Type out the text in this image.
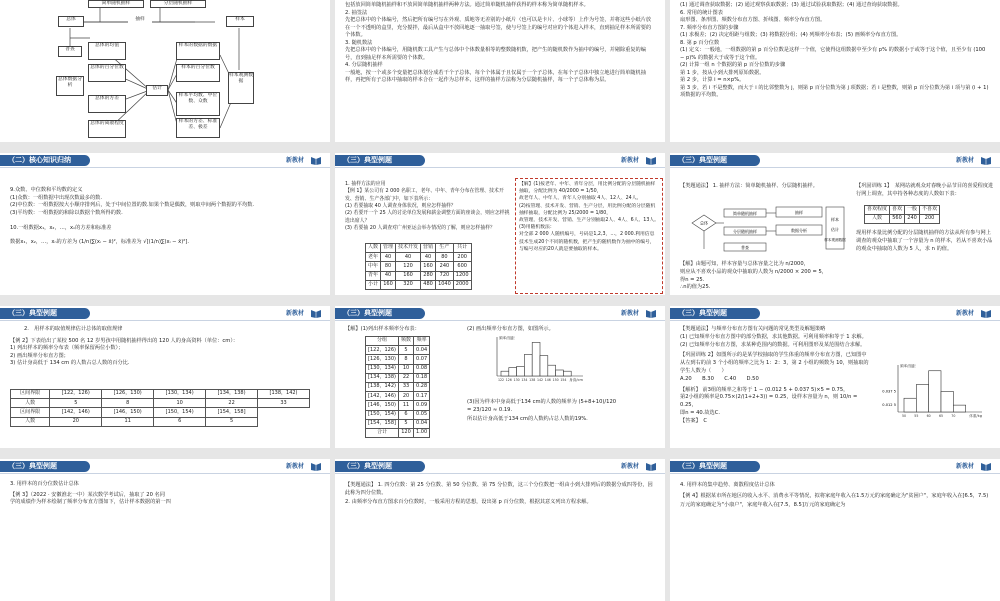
简单随机抽样	分层随机抽样
总体	抽样	样本
普查
总体数据分析
总体的均值
总体的百分位数
总体的方差
总体的离散程度
估计
样本的数据的数据
样本的百分位数
样本平均数、中位数、众数
样本的方差、标准差、极差
样本观测数据

包括放回简单随机抽样和不放回简单随机抽样两种方法。通过简单随机抽样获得的样本称为简单随机样本。

2. 抽签法

先把总体中的个体编号，然后把所有编号写在外观、质地等无差别的小纸片（也可以是卡片、小球等）上作为号签，并将这些小纸片放在一个不透明的盒里，充分搅拌，最后从盒中不放回地逐一抽取号签，使与号签上的编号对应的个体进入样本，直到抽足样本所需要的个体数。

3. 随机数法

先把总体中的个体编号，用随机数工具产生与总体中个体数量相等的整数随机数，把产生的随机数作为抽中的编号，并剔除重复的编号，直到抽足样本所需要的个体数。

4. 分层随机抽样

一般地，按一个或多个变量把总体划分成若干个子总体，每个个体属于且仅属于一个子总体，在每个子总体中独立地进行简单随机抽样，再把所有子总体中抽取的样本合在一起作为总样本，这样的抽样方法称为分层随机抽样，每一个子总体称为层。

(1) 通过调查获取数据；(2) 通过观察获取数据；(3) 通过试验获取数据；(4) 通过查询获取数据。

6. 常用的统计图表

扇形图、条形图、频数分布直方图、折线图、频率分布直方图。

7. 频率分布直方图的步骤

(1) 求极差；(2) 决定组距与组数；(3) 将数据分组；(4) 列频率分布表；(5) 画频率分布直方图。

8. 第 p 百分位数

(1) 定义：一般地，一组数据的第 p 百分位数是这样一个值，它使得这组数据中至少有 p% 的数据小于或等于这个值，且至少有 (100 − p)% 的数据大于或等于这个值。

(2) 计算一组 n 个数据的第 p 百分位数的步骤

第 1 步，按从小到大排列原始数据。

第 2 步，计算 i = n×p%。

第 3 步，若 i 不是整数，而大于 i 的比邻整数为 j，则第 p 百分位数为第 j 项数据；若 i 是整数，则第 p 百分位数为第 i 项与第 (i + 1) 项数据的平均数。

（二）核心知识归纳	新教材

9.众数、中位数和平均数的定义

(1)众数：一组数据中出现次数最多的数.

(2)中位数：一组数据按大小顺序排列后，处于中间位置的数.如果个数是偶数，则取中间两个数据的平均数.

(3)平均数：一组数据的和除以数据个数所得的数.

10.一组数据x₁，x₂，…，xₙ的方差和标准差

数据x₁，x₂，…，xₙ的方差为 (1/n)∑(xᵢ − x̄)²，标准差为 √[(1/n)∑(xᵢ − x̄)²].

（三）典型例题	新教材

1. 抽样方法的应用

【例 1】某公司有 2 000 名职工，老年、中年、青年分布在管理、技术开发、营销、生产各部门中，如下表所示：

(1) 若要抽取 40 人调查身体状况，则应怎样抽样？

(2) 若要开一个 25 人的讨论单位发展和薪金调整方面的座谈会，则应怎样挑选出席人？

(3) 若要抽 20 人调查对广州亚运会举办情况的了解，则应怎样抽样？

人数	管理	技术开发	营销	生产	共计
老年	40	40	40	80	200
中年	80	120	160	240	600
青年	40	160	280	720	1200
小计	160	320	480	1040	2000

【解】(1)按老年、中年、青年分层，用比例分配的分层随机抽样抽取，分配比例为 40/2000 = 1/50，

故老年人、中年人、青年人分别抽取 4人、12人、24人。

(2)按管理、技术开发、营销、生产分层，用比例分配的分层随机抽样抽取，分配比例为 25/2000 = 1/80，

故管理、技术开发、营销、生产分别抽取2人、4人、6人、13人。

(3)用随机数法：

对全部 2 000 人随机编号，号码是1,2,3，…，2 000.利用信息技术生成20个不同的随机数，把产生的随机数作为抽中的编号，与编号对应的20人就是要抽取的样本。

（三）典型例题	新教材

【类题通法】 1. 抽样方法：简单随机抽样、分层随机抽样。

总体
简单随机抽样
分层随机抽样
普查
抽样
数据分析
样本
估计
样本观测数据

【解】由题可知，样本容量与总体容量之比为 n/2000，

则应从不喜欢小品的观众中抽取的人数为 n/2000 × 200 = 5，

得n = 25.

∴n的值为25.

【巩固训练 1】　某网站就观众对春晚小品节目的喜爱程度进行网上调查，其中持各种态度的人数如下表：

喜欢程度	喜欢	一般	不喜欢
人数	560	240	200

现用样本量比例分配的分层随机抽样的方法从所有参与网上调查的观众中抽取了一个容量为 n 的样本，若从不喜欢小品的观众中抽取的人数为 5 人，求 n 的值。

（三）典型例题	新教材

2.　用样本的取值规律估计总体的取值规律

【例 2】下表给出了某校 500 名 12 岁男孩中用随机抽样得出的 120 人的身高资料（单位：cm）：

1) 列出样本的频率分布表（频率保留两位小数）；

2) 画出频率分布直方图；

3) 估计身高低于 134 cm 的人数占总人数的百分比.

区间界限	[122，126)	[126，130)	[130，134)	[134，138)	[138，142)
人数	5	8	10	22	33
区间界限	[142，146)	[146，150)	[150，154)	[154，158]	
人数	20	11	6	5	
（三）典型例题	新教材

【解】(1)列出样本频率分布表：

分组	频数	频率
[122，126)	5	0.04
[126，130)	8	0.07
[130，134)	10	0.08
[134，138)	22	0.18
[138，142)	33	0.28
[142，146)	20	0.17
[146，150)	11	0.09
[150，154)	6	0.05
[154，158]	5	0.04
合计	120	1.00

(2) 画出频率分布直方图，如图所示。

122 126 130 134 138 142 146 150 154
频率/组距
身高/cm

(3)因为样本中身高低于134 cm的人数的频率为 (5+8+10)/120

= 23/120 ≈ 0.19.

所以估计身高低于134 cm的人数约占总人数的19%.

（三）典型例题	新教材

【类题通法】与频率分布直方图有关问题的常见类型及解题策略

(1) 已知频率分布直方图中的部分数据，求其他数据。可利用频率和等于 1 求解。

(2) 已知频率分布直方图，求某种范围内的数据。可利用图形及某范围结合求解。

【巩固训练 2】如图所示的是某学校抽取的学生体重的频率分布直方图，已知图中从左到右的前 3 个小组的频率之比为 1：2：3，第 2 小组的频数为 10，则抽取的学生人数为（　　）

A.20　　B.30　　C.40　　D.50

【解析】 前3组的频率之和等于 1 − (0.012 5 + 0.037 5)×5 = 0.75，

第2小组的频率是0.75×(2/(1+2+3)) = 0.25，设样本容量为 n，则 10/n = 0.25，

即n = 40.故选C.

【答案】　C

50	55	60	65	70
频率/组距
体重/kg
0.037 5
0.012 5
（三）典型例题	新教材

3. 用样本的百分位数估计总体

【例 3】（2022 · 安徽淮北一中）某次数学考试后，抽取了 20 名同

学的成绩作为样本绘制了频率分布直方图如下，估计样本数据的第一四

（三）典型例题	新教材

【类题通法】 1. 四分位数：第 25 分位数、第 50 分位数、第 75 分位数，这三个分位数把一组由小到大排列后的数据分成四等份，因此称为四分位数。

2. 由频率分布直方图求百分位数时，一般采用方程的思想，设出第 p 百分位数，根据其意义列出方程求解。

（三）典型例题	新教材

4. 用样本的集中趋势、离散程度估计总体

【例 4】根据某市所在地区的收入水平、消费水平等情况，拟将家庭年收入在1.5万元的家庭确定为"贫困户"，家庭年收入在[6.5，7.5)万元的家庭确定为"小康户"，家庭年收入在[7.5，8.5]万元的家庭确定为
